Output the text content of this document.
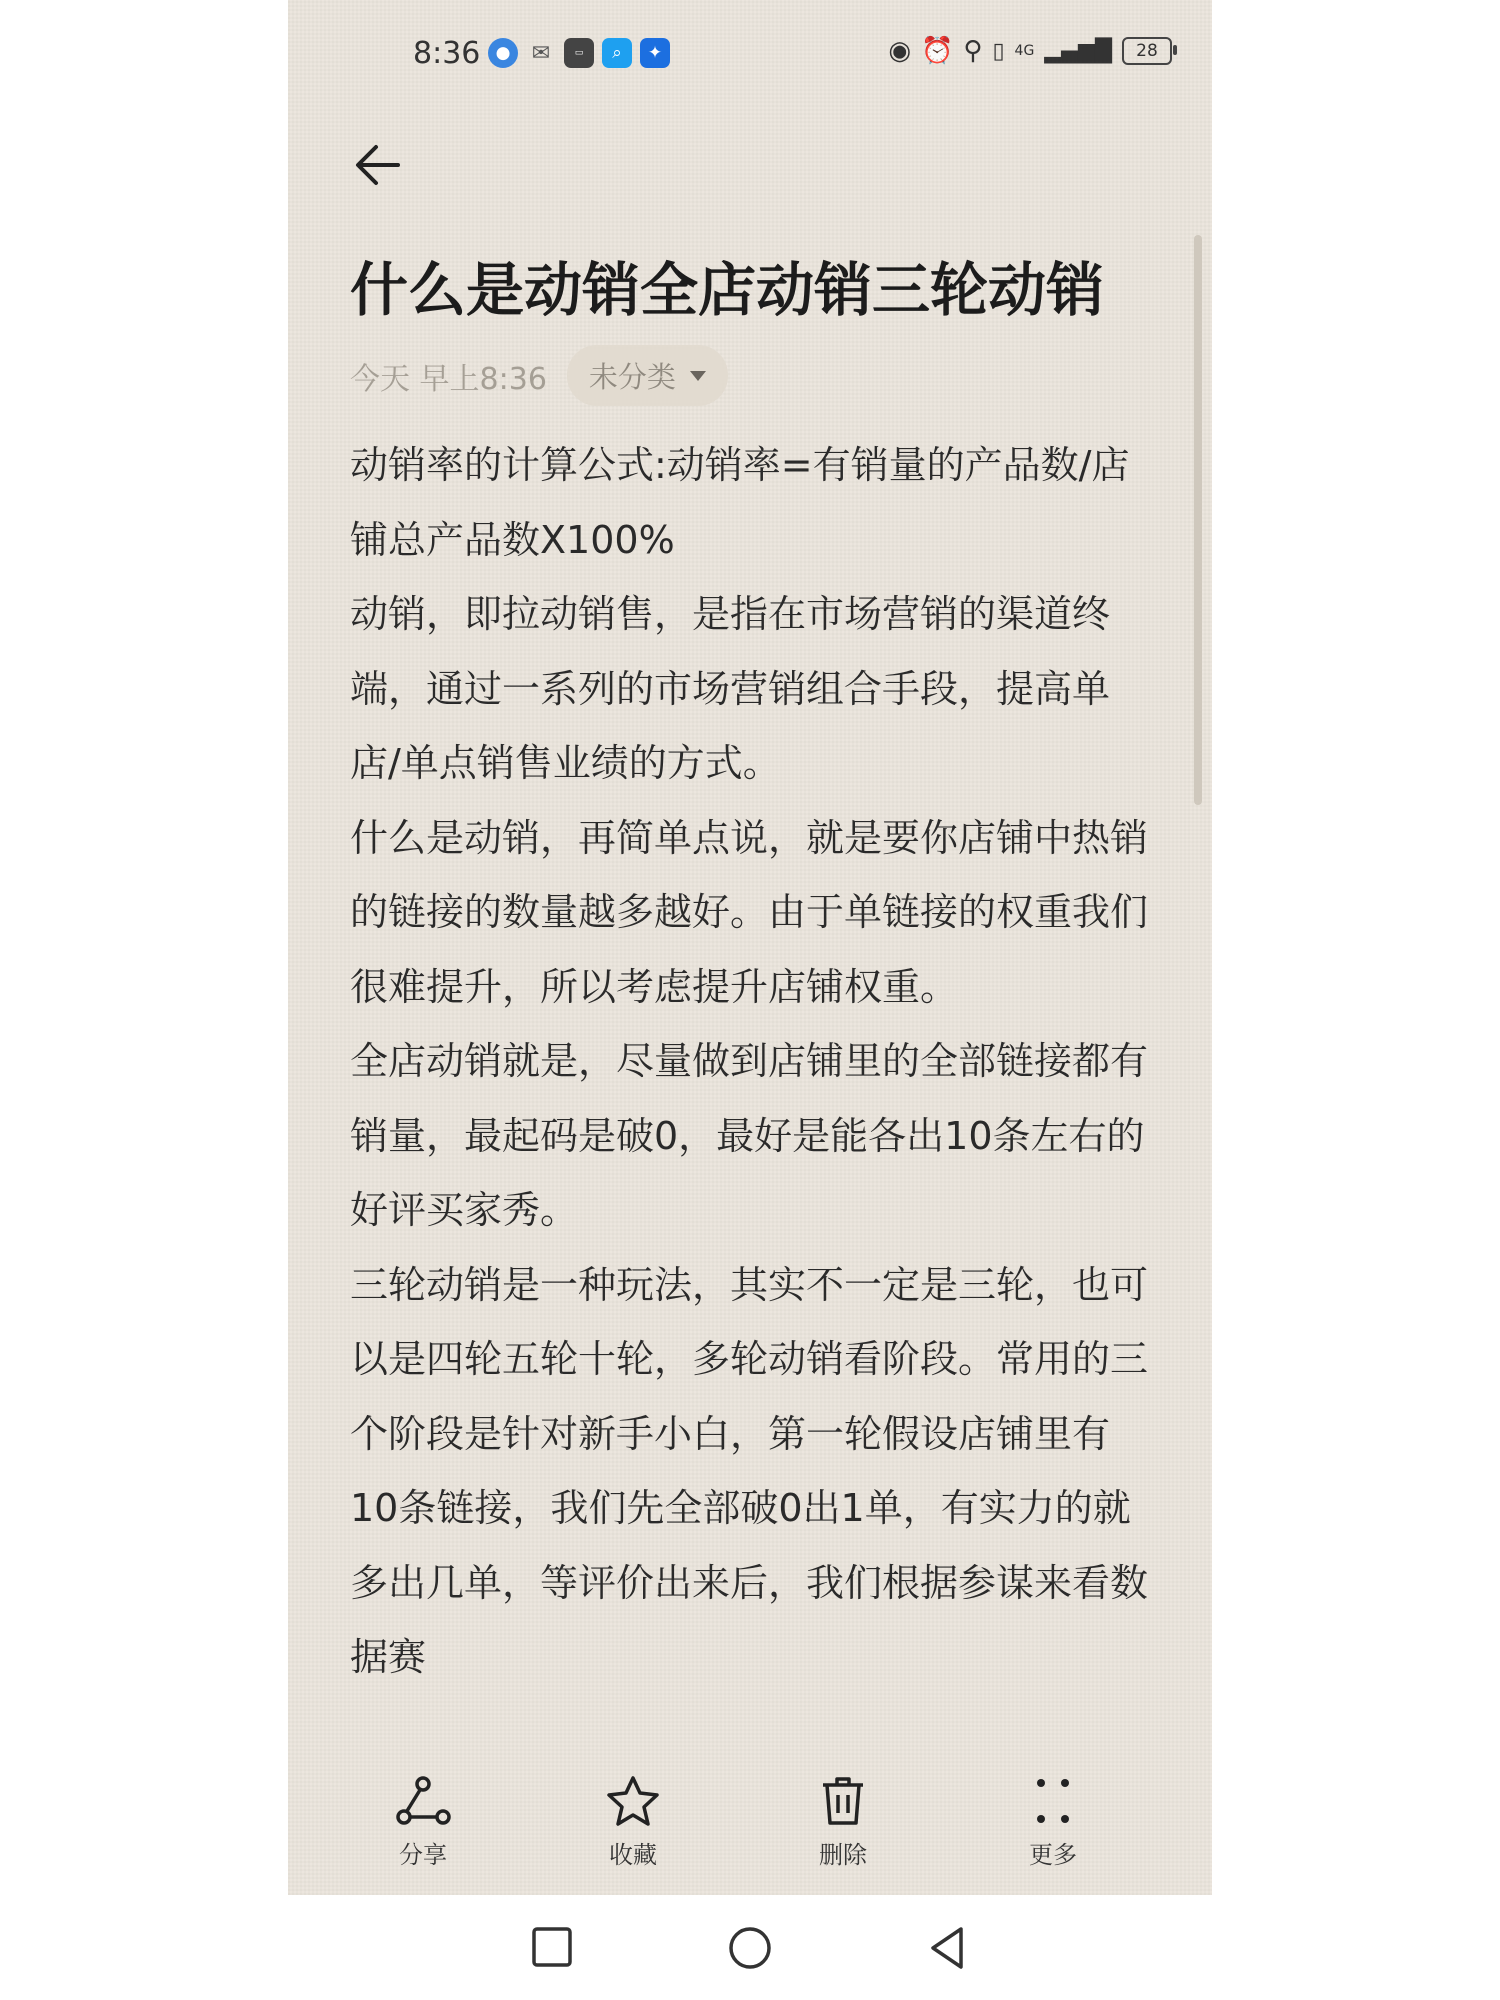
8:36 ● ✉	▭	⌕	✦	◉ ⏰ ⚲ ▯ 4G ▂▄▆█ 28
什么是动销全店动销三轮动销
今天 早上8:36 未分类

动销率的计算公式:动销率=有销量的产品数/店铺总产品数X100%

动销，即拉动销售，是指在市场营销的渠道终端，通过一系列的市场营销组合手段，提高单店/单点销售业绩的方式。

什么是动销，再简单点说，就是要你店铺中热销的链接的数量越多越好。由于单链接的权重我们很难提升，所以考虑提升店铺权重。

全店动销就是，尽量做到店铺里的全部链接都有销量，最起码是破0，最好是能各出10条左右的好评买家秀。

三轮动销是一种玩法，其实不一定是三轮，也可以是四轮五轮十轮，多轮动销看阶段。常用的三个阶段是针对新手小白，第一轮假设店铺里有10条链接，我们先全部破0出1单，有实力的就多出几单，等评价出来后，我们根据参谋来看数据赛

分享	收藏	删除	更多
